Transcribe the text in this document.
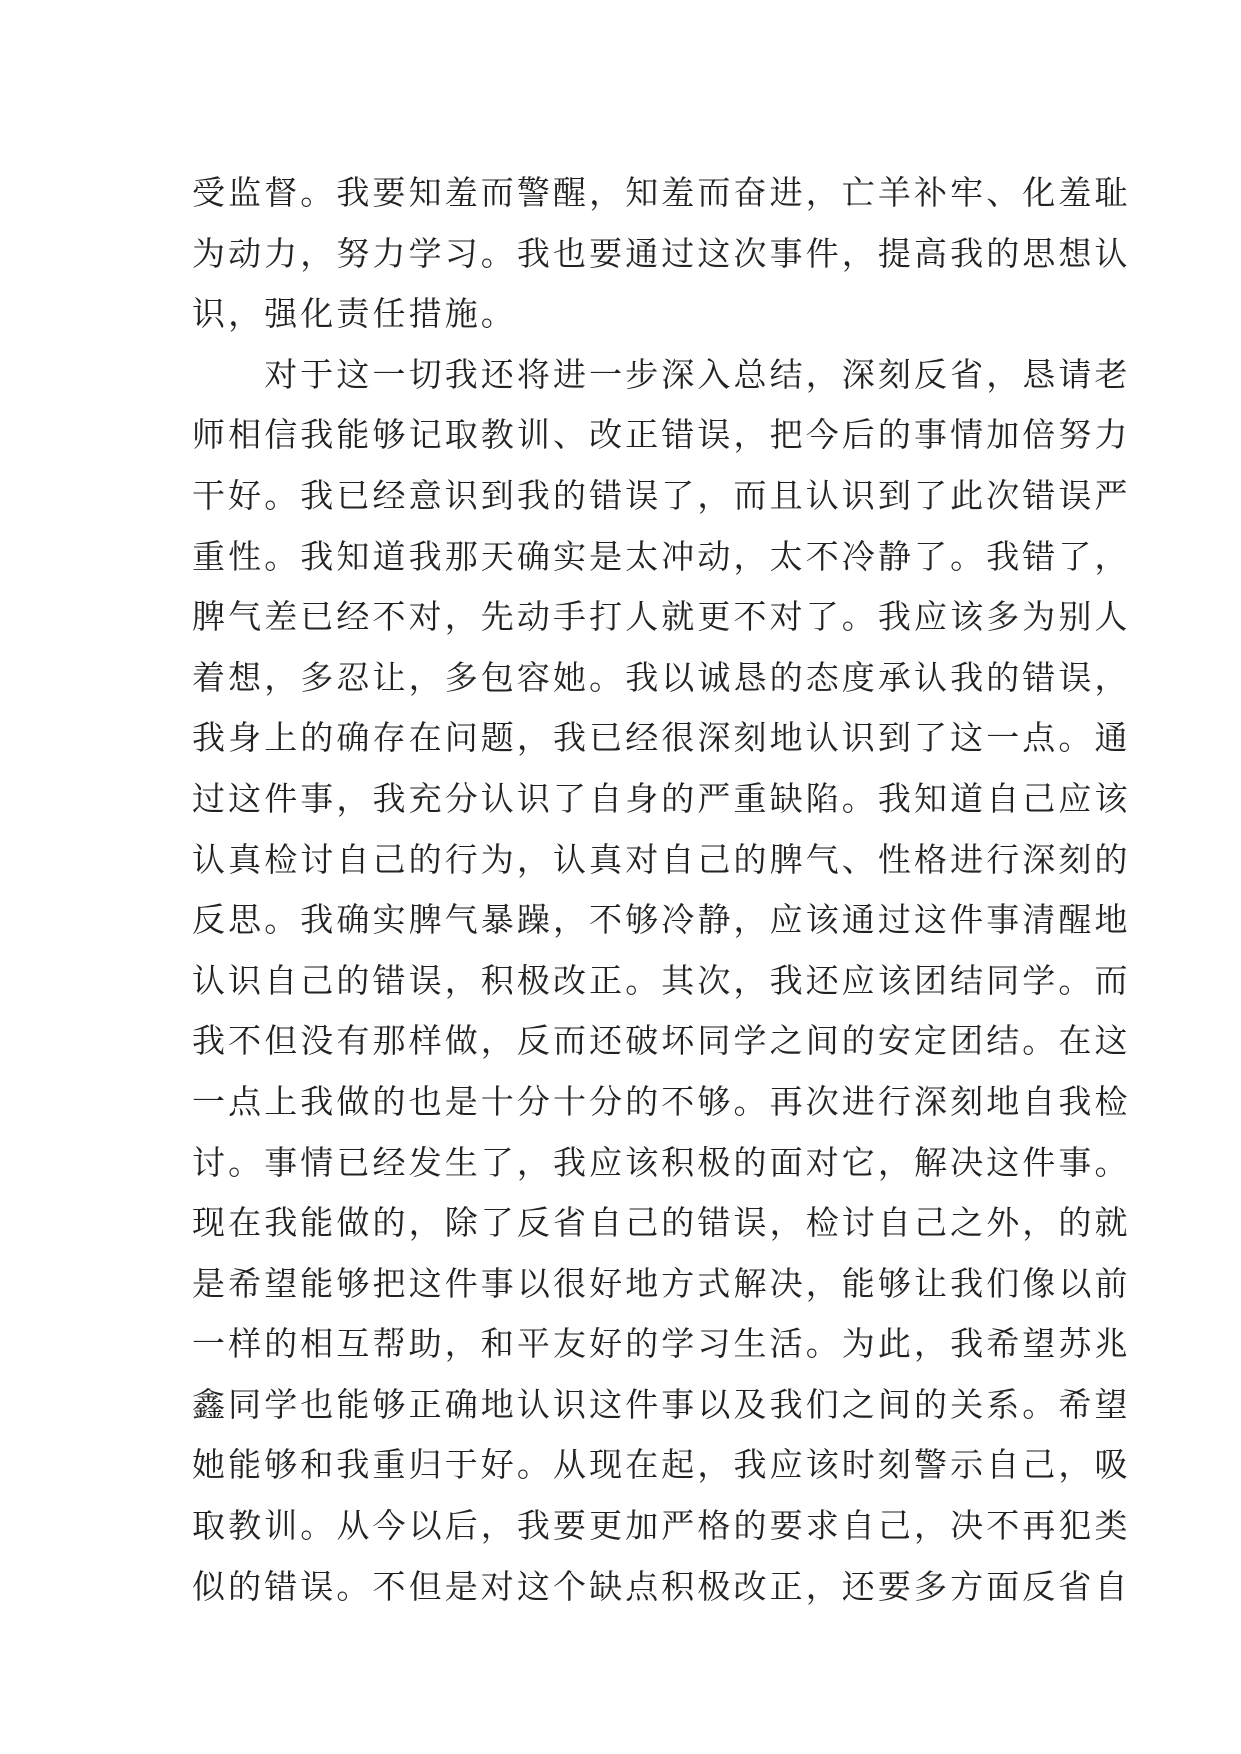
受监督。我要知羞而警醒，知羞而奋进，亡羊补牢、化羞耻
为动力，努力学习。我也要通过这次事件，提高我的思想认
识，强化责任措施。
　　对于这一切我还将进一步深入总结，深刻反省，恳请老
师相信我能够记取教训、改正错误，把今后的事情加倍努力
干好。我已经意识到我的错误了，而且认识到了此次错误严
重性。我知道我那天确实是太冲动，太不冷静了。我错了，
脾气差已经不对，先动手打人就更不对了。我应该多为别人
着想，多忍让，多包容她。我以诚恳的态度承认我的错误，
我身上的确存在问题，我已经很深刻地认识到了这一点。通
过这件事，我充分认识了自身的严重缺陷。我知道自己应该
认真检讨自己的行为，认真对自己的脾气、性格进行深刻的
反思。我确实脾气暴躁，不够冷静，应该通过这件事清醒地
认识自己的错误，积极改正。其次，我还应该团结同学。而
我不但没有那样做，反而还破坏同学之间的安定团结。在这
一点上我做的也是十分十分的不够。再次进行深刻地自我检
讨。事情已经发生了，我应该积极的面对它，解决这件事。
现在我能做的，除了反省自己的错误，检讨自己之外，的就
是希望能够把这件事以很好地方式解决，能够让我们像以前
一样的相互帮助，和平友好的学习生活。为此，我希望苏兆
鑫同学也能够正确地认识这件事以及我们之间的关系。希望
她能够和我重归于好。从现在起，我应该时刻警示自己，吸
取教训。从今以后，我要更加严格的要求自己，决不再犯类
似的错误。不但是对这个缺点积极改正，还要多方面反省自
